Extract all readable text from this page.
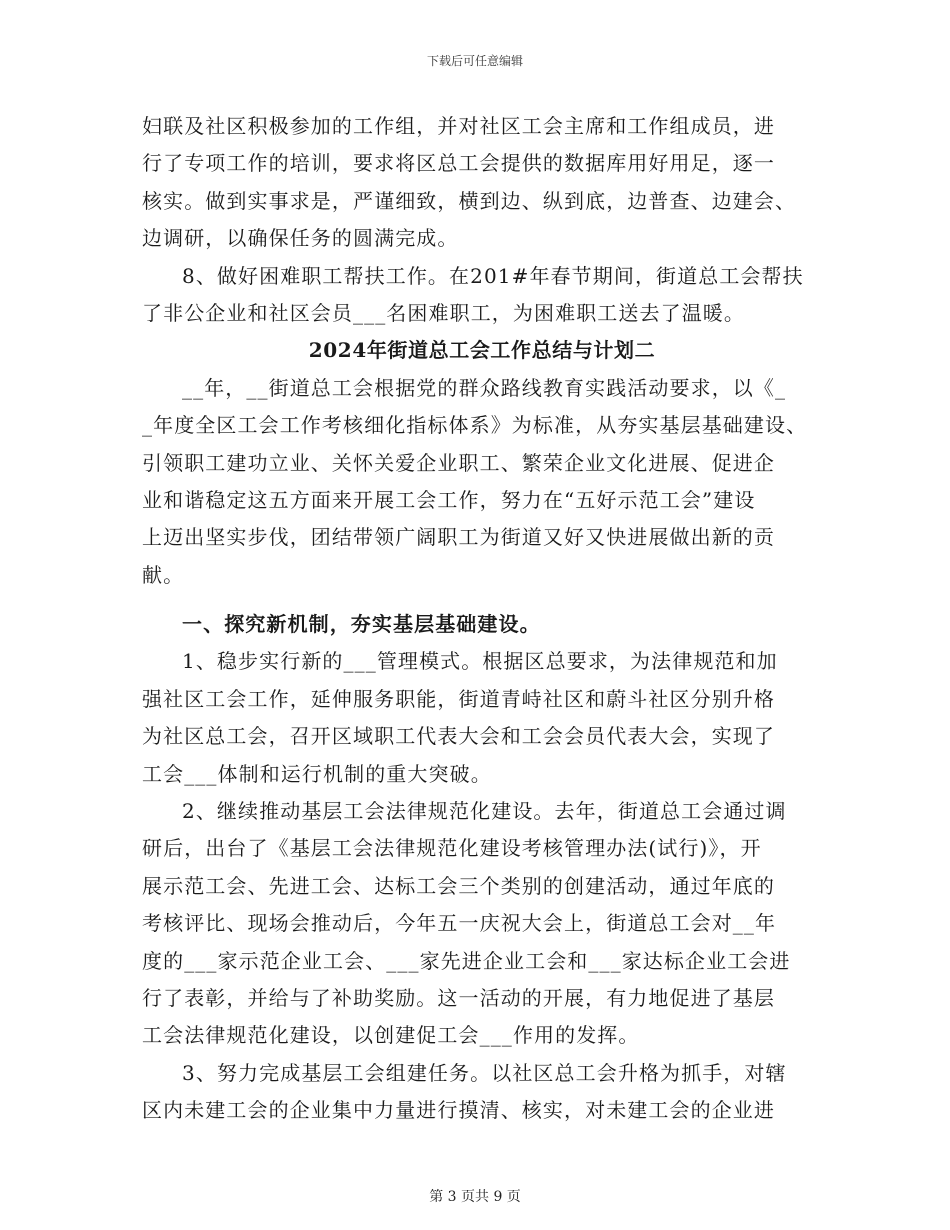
下载后可任意编辑
妇联及社区积极参加的工作组，并对社区工会主席和工作组成员，进
行了专项工作的培训，要求将区总工会提供的数据库用好用足，逐一
核实。做到实事求是，严谨细致，横到边、纵到底，边普查、边建会、
边调研，以确保任务的圆满完成。
8、做好困难职工帮扶工作。在201#年春节期间，街道总工会帮扶
了非公企业和社区会员___名困难职工，为困难职工送去了温暖。
2024年街道总工会工作总结与计划二
__年，__街道总工会根据党的群众路线教育实践活动要求，以《_
_年度全区工会工作考核细化指标体系》为标准，从夯实基层基础建设、
引领职工建功立业、关怀关爱企业职工、繁荣企业文化进展、促进企
业和谐稳定这五方面来开展工会工作，努力在“五好示范工会”建设
上迈出坚实步伐，团结带领广阔职工为街道又好又快进展做出新的贡
献。
一、探究新机制，夯实基层基础建设。
1、稳步实行新的___管理模式。根据区总要求，为法律规范和加
强社区工会工作，延伸服务职能，街道青峙社区和蔚斗社区分别升格
为社区总工会，召开区域职工代表大会和工会会员代表大会，实现了
工会___体制和运行机制的重大突破。
2、继续推动基层工会法律规范化建设。去年，街道总工会通过调
研后，出台了《基层工会法律规范化建设考核管理办法(试行)》，开
展示范工会、先进工会、达标工会三个类别的创建活动，通过年底的
考核评比、现场会推动后，今年五一庆祝大会上，街道总工会对__年
度的___家示范企业工会、___家先进企业工会和___家达标企业工会进
行了表彰，并给与了补助奖励。这一活动的开展，有力地促进了基层
工会法律规范化建设，以创建促工会___作用的发挥。
3、努力完成基层工会组建任务。以社区总工会升格为抓手，对辖
区内未建工会的企业集中力量进行摸清、核实，对未建工会的企业进
第 3 页共 9 页
